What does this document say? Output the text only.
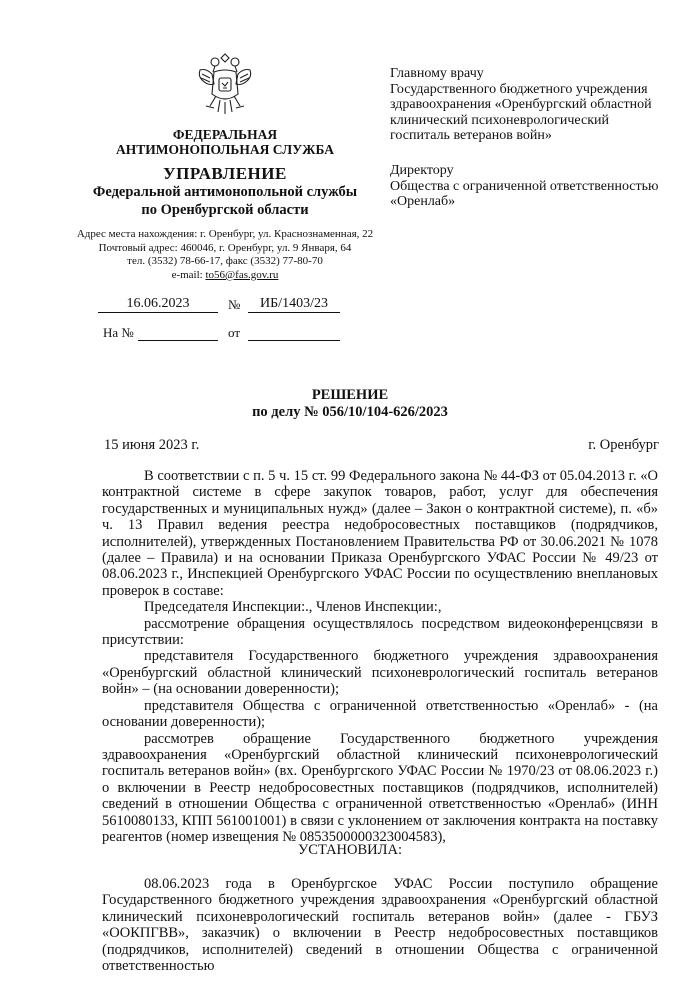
ФЕДЕРАЛЬНАЯ
АНТИМОНОПОЛЬНАЯ СЛУЖБА
УПРАВЛЕНИЕ
Федеральной антимонопольной службы
по Оренбургской области
Адрес места нахождения: г. Оренбург, ул. Краснознаменная, 22
Почтовый адрес: 460046, г. Оренбург, ул. 9 Января, 64
тел. (3532) 78-66-17, факс (3532) 77-80-70
e-mail: to56@fas.gov.ru
16.06.2023	№	ИБ/1403/23
На №	от
Главному врачу
Государственного бюджетного учреждения
здравоохранения «Оренбургский областной
клинический психоневрологический
госпиталь ветеранов войн»
Директору
Общества с ограниченной ответственностью
«Оренлаб»
РЕШЕНИЕ
по делу № 056/10/104-626/2023
15 июня 2023 г.	г. Оренбург

В соответствии с п. 5 ч. 15 ст. 99 Федерального закона № 44-ФЗ от 05.04.2013 г. «О контрактной системе в сфере закупок товаров, работ, услуг для обеспечения государственных и муниципальных нужд» (далее – Закон о контрактной системе), п. «б» ч. 13 Правил ведения реестра недобросовестных поставщиков (подрядчиков, исполнителей), утвержденных Постановлением Правительства РФ от 30.06.2021 № 1078 (далее – Правила) и на основании Приказа Оренбургского УФАС России № 49/23 от 08.06.2023 г., Инспекцией Оренбургского УФАС России по осуществлению внеплановых проверок в составе:

Председателя Инспекции:., Членов Инспекции:,

рассмотрение обращения осуществлялось посредством видеоконференцсвязи в присутствии:

представителя Государственного бюджетного учреждения здравоохранения «Оренбургский областной клинический психоневрологический госпиталь ветеранов войн» – (на основании доверенности);

представителя Общества с ограниченной ответственностью «Оренлаб» - (на основании доверенности);

рассмотрев обращение Государственного бюджетного учреждения здравоохранения «Оренбургский областной клинический психоневрологический госпиталь ветеранов войн» (вх. Оренбургского УФАС России № 1970/23 от 08.06.2023 г.) о включении в Реестр недобросовестных поставщиков (подрядчиков, исполнителей) сведений в отношении Общества с ограниченной ответственностью «Оренлаб» (ИНН 5610080133, КПП 561001001) в связи с уклонением от заключения контракта на поставку реагентов (номер извещения № 0853500000323004583),

УСТАНОВИЛА:

08.06.2023 года в Оренбургское УФАС России поступило обращение Государственного бюджетного учреждения здравоохранения «Оренбургский областной клинический психоневрологический госпиталь ветеранов войн» (далее - ГБУЗ «ООКПГВВ», заказчик) о включении в Реестр недобросовестных поставщиков (подрядчиков, исполнителей) сведений в отношении Общества с ограниченной ответственностью
